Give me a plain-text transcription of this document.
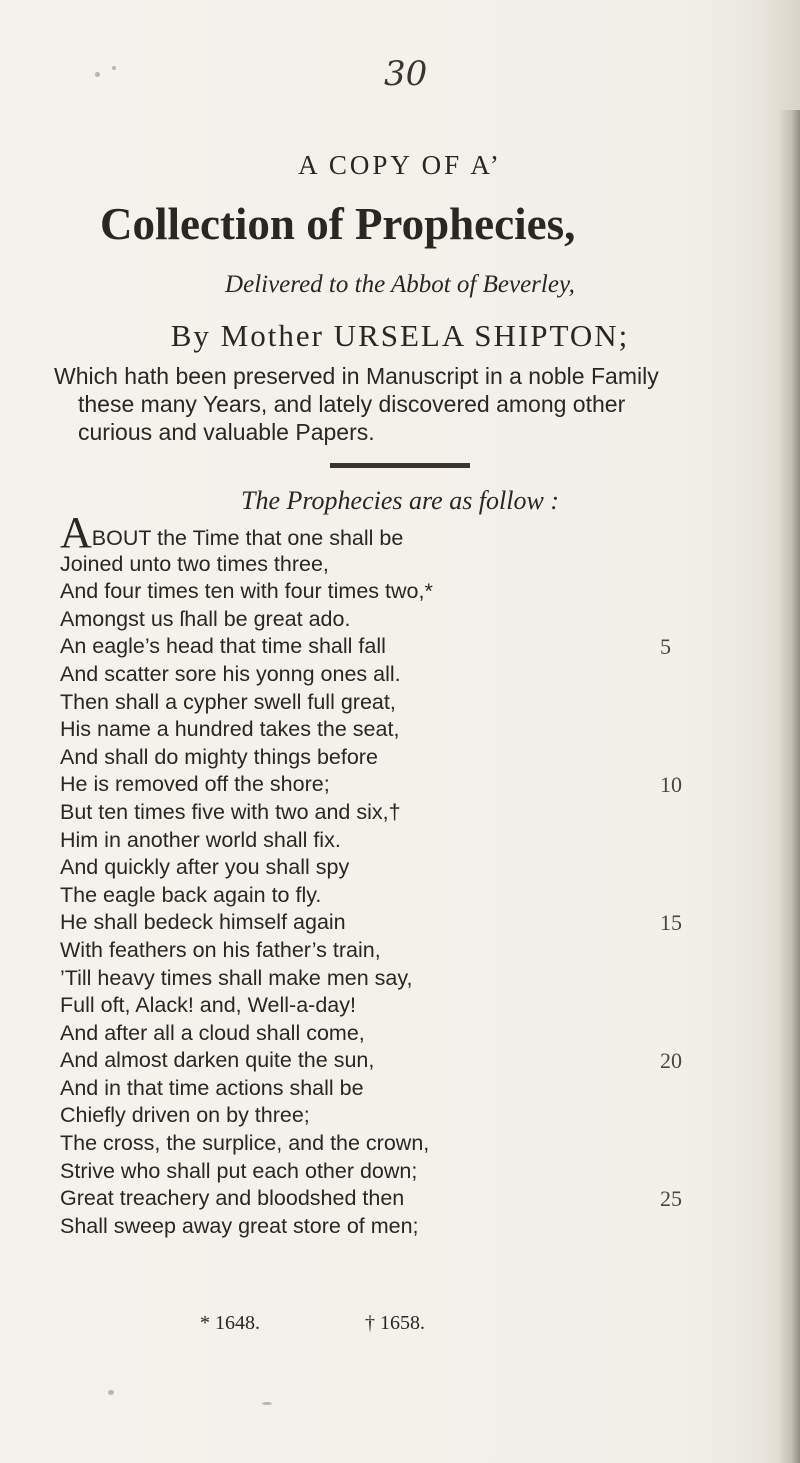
30
A COPY OF A’
Collection of Prophecies,
Delivered to the Abbot of Beverley,
By Mother URSELA SHIPTON;
Which hath been preserved in Manuscript in a noble Family
these many Years, and lately discovered among other
curious and valuable Papers.
The Prophecies are as follow :
ABOUT the Time that one shall be
Joined unto two times three,
And four times ten with four times two,*
Amongst us ſhall be great ado.
An eagle’s head that time shall fall	5
And scatter sore his yonng ones all.
Then shall a cypher swell full great,
His name a hundred takes the seat,
And shall do mighty things before
He is removed off the shore;	10
But ten times five with two and six,†
Him in another world shall fix.
And quickly after you shall spy
The eagle back again to fly.
He shall bedeck himself again	15
With feathers on his father’s train,
’Till heavy times shall make men say,
Full oft, Alack! and, Well-a-day!
And after all a cloud shall come,
And almost darken quite the sun,	20
And in that time actions shall be
Chiefly driven on by three;
The cross, the surplice, and the crown,
Strive who shall put each other down;
Great treachery and bloodshed then	25
Shall sweep away great store of men;
* 1648.	† 1658.
